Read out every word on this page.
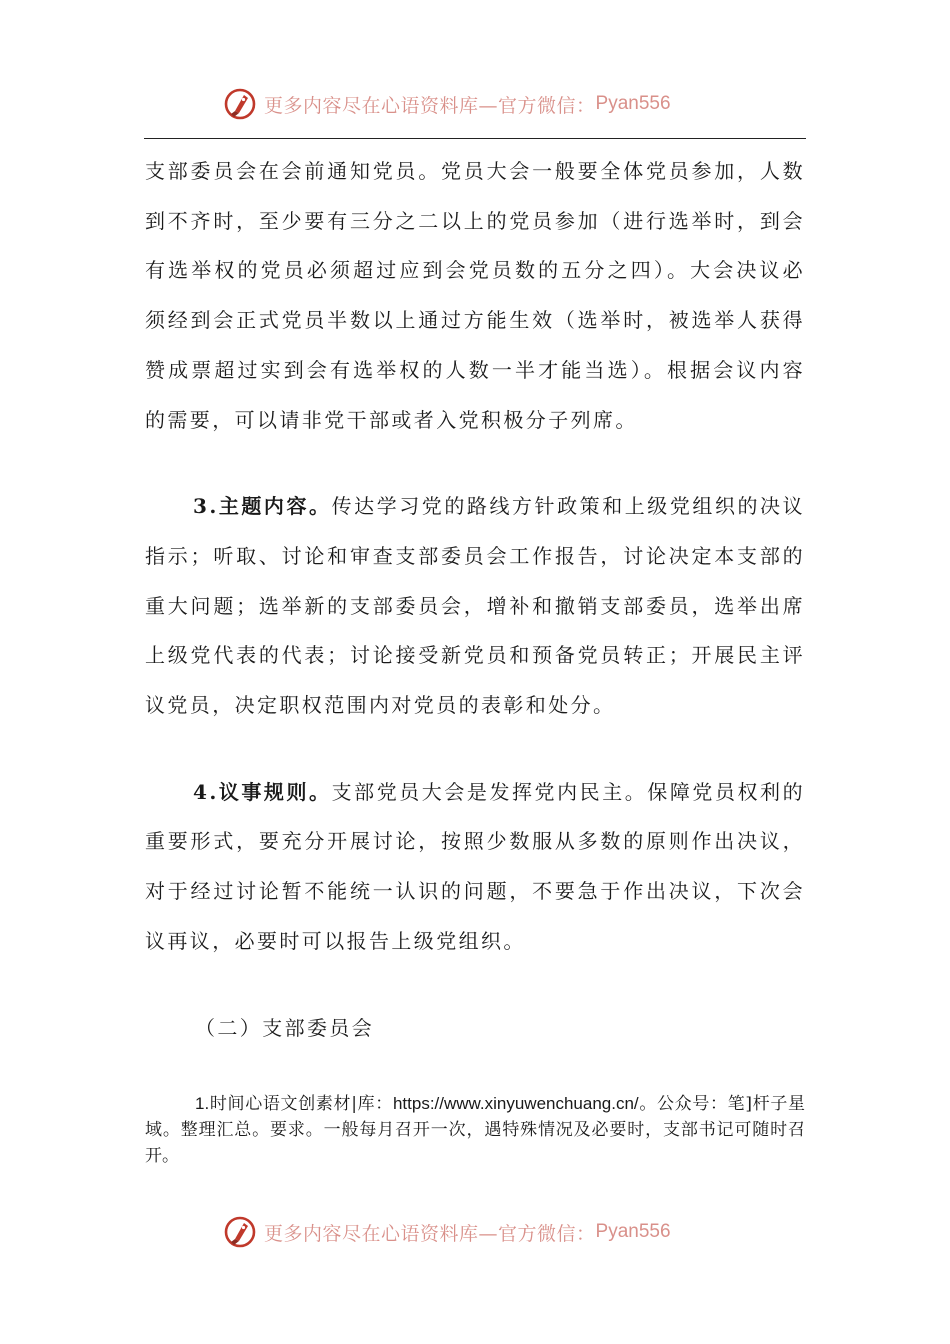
更多内容尽在心语资料库—官方微信： Pyan556

支部委员会在会前通知党员。党员大会一般要全体党员参加，人数到不齐时，至少要有三分之二以上的党员参加（进行选举时，到会有选举权的党员必须超过应到会党员数的五分之四）。大会决议必须经到会正式党员半数以上通过方能生效（选举时，被选举人获得赞成票超过实到会有选举权的人数一半才能当选）。根据会议内容的需要，可以请非党干部或者入党积极分子列席。

3.主题内容。传达学习党的路线方针政策和上级党组织的决议指示；听取、讨论和审查支部委员会工作报告，讨论决定本支部的重大问题；选举新的支部委员会，增补和撤销支部委员，选举出席上级党代表的代表；讨论接受新党员和预备党员转正；开展民主评议党员，决定职权范围内对党员的表彰和处分。

4.议事规则。支部党员大会是发挥党内民主。保障党员权利的重要形式，要充分开展讨论，按照少数服从多数的原则作出决议，对于经过讨论暂不能统一认识的问题，不要急于作出决议，下次会议再议，必要时可以报告上级党组织。

（二）支部委员会

1.时间心语文创素材|库：https://www.xinyuwenchuang.cn/。公众号：笔]杆子星域。整理汇总。要求。一般每月召开一次，遇特殊情况及必要时，支部书记可随时召开。

更多内容尽在心语资料库—官方微信： Pyan556
